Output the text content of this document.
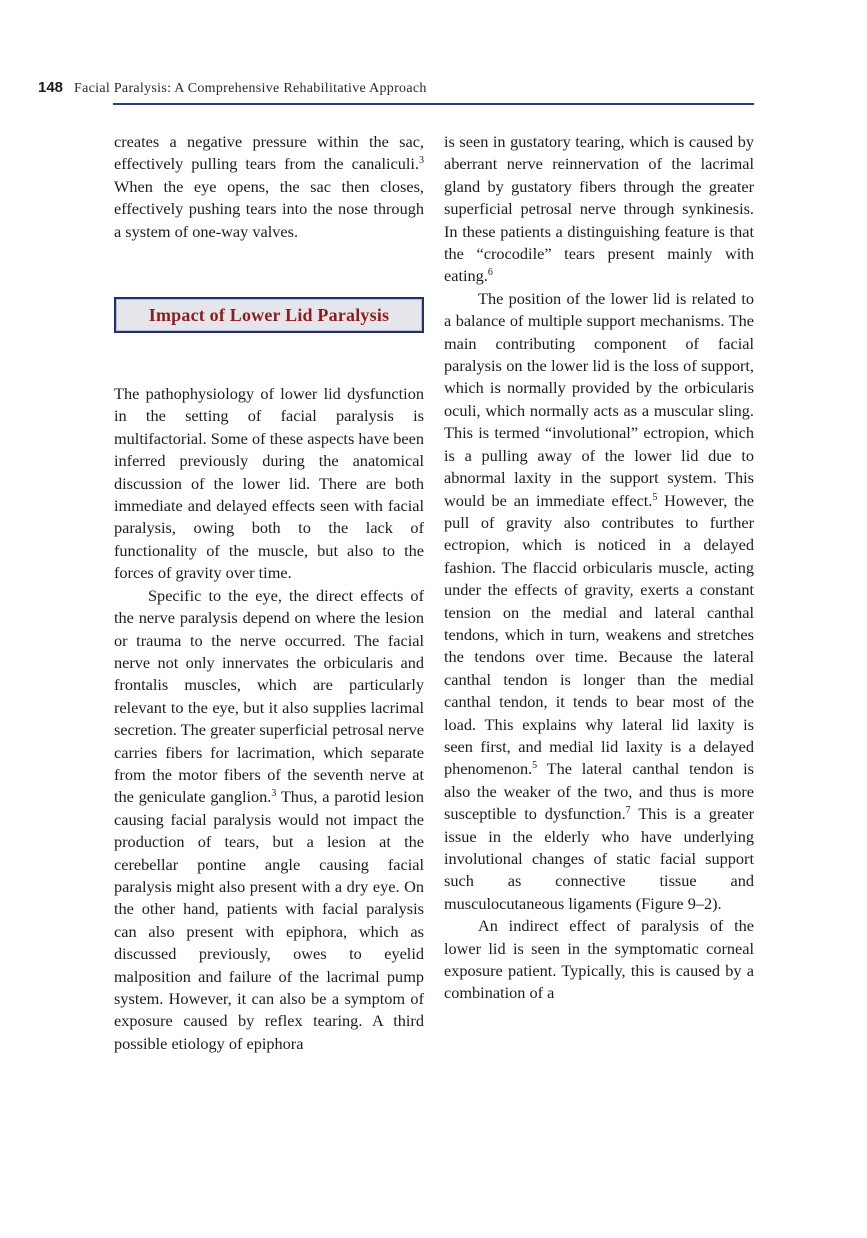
148 Facial Paralysis: A Comprehensive Rehabilitative Approach

creates a negative pressure within the sac, effectively pulling tears from the canaliculi.$^3$ When the eye opens, the sac then closes, effectively pushing tears into the nose through a system of one-way valves.

Impact of Lower Lid Paralysis

The pathophysiology of lower lid dysfunction in the setting of facial paralysis is multifactorial. Some of these aspects have been inferred previously during the anatomical discussion of the lower lid. There are both immediate and delayed effects seen with facial paralysis, owing both to the lack of functionality of the muscle, but also to the forces of gravity over time.

Specific to the eye, the direct effects of the nerve paralysis depend on where the lesion or trauma to the nerve occurred. The facial nerve not only innervates the orbicularis and frontalis muscles, which are particularly relevant to the eye, but it also supplies lacrimal secretion. The greater superficial petrosal nerve carries fibers for lacrimation, which separate from the motor fibers of the seventh nerve at the geniculate ganglion.$^3$ Thus, a parotid lesion causing facial paralysis would not impact the production of tears, but a lesion at the cerebellar pontine angle causing facial paralysis might also present with a dry eye. On the other hand, patients with facial paralysis can also present with epiphora, which as discussed previously, owes to eyelid malposition and failure of the lacrimal pump system. However, it can also be a symptom of exposure caused by reflex tearing. A third possible etiology of epiphora

is seen in gustatory tearing, which is caused by aberrant nerve reinnervation of the lacrimal gland by gustatory fibers through the greater superficial petrosal nerve through synkinesis. In these patients a distinguishing feature is that the “crocodile” tears present mainly with eating.$^6$

The position of the lower lid is related to a balance of multiple support mechanisms. The main contributing component of facial paralysis on the lower lid is the loss of support, which is normally provided by the orbicularis oculi, which normally acts as a muscular sling. This is termed “involutional” ectropion, which is a pulling away of the lower lid due to abnormal laxity in the support system. This would be an immediate effect.$^5$ However, the pull of gravity also contributes to further ectropion, which is noticed in a delayed fashion. The flaccid orbicularis muscle, acting under the effects of gravity, exerts a constant tension on the medial and lateral canthal tendons, which in turn, weakens and stretches the tendons over time. Because the lateral canthal tendon is longer than the medial canthal tendon, it tends to bear most of the load. This explains why lateral lid laxity is seen first, and medial lid laxity is a delayed phenomenon.$^5$ The lateral canthal tendon is also the weaker of the two, and thus is more susceptible to dysfunction.$^7$ This is a greater issue in the elderly who have underlying involutional changes of static facial support such as connective tissue and musculocutaneous ligaments (Figure 9–2).

An indirect effect of paralysis of the lower lid is seen in the symptomatic corneal exposure patient. Typically, this is caused by a combination of a
